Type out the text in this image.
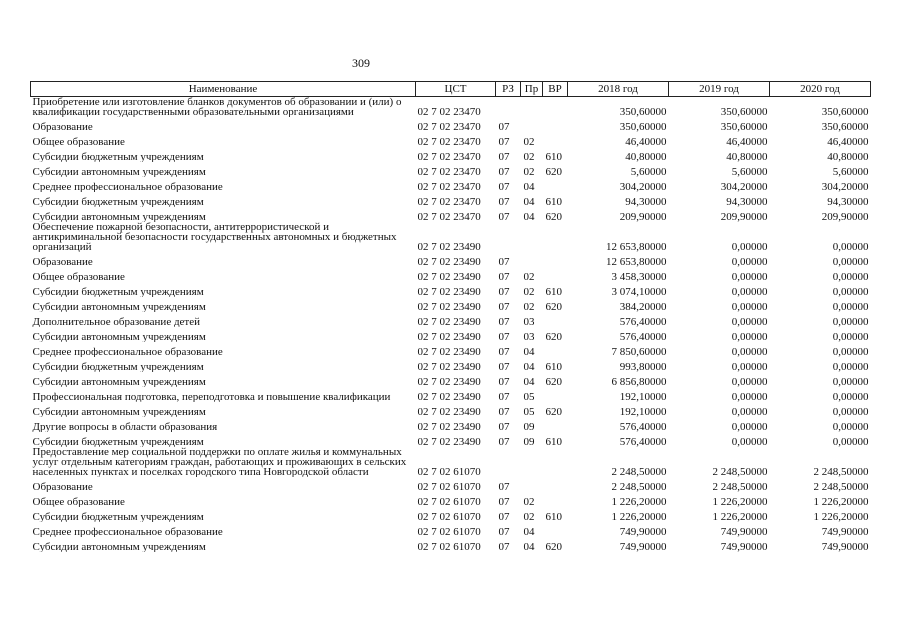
309
Наименование	ЦСТ	РЗ	Пр	ВР	2018 год	2019 год	2020 год
Приобретение или изготовление бланков документов об образовании и (или) о квалификации государственными образовательными организациями	02 7 02 23470				350,60000	350,60000	350,60000
Образование	02 7 02 23470	07			350,60000	350,60000	350,60000
Общее образование	02 7 02 23470	07	02		46,40000	46,40000	46,40000
Субсидии бюджетным учреждениям	02 7 02 23470	07	02	610	40,80000	40,80000	40,80000
Субсидии автономным учреждениям	02 7 02 23470	07	02	620	5,60000	5,60000	5,60000
Среднее профессиональное образование	02 7 02 23470	07	04		304,20000	304,20000	304,20000
Субсидии бюджетным учреждениям	02 7 02 23470	07	04	610	94,30000	94,30000	94,30000
Субсидии автономным учреждениям	02 7 02 23470	07	04	620	209,90000	209,90000	209,90000
Обеспечение пожарной безопасности, антитеррористической и антикриминальной безопасности государственных автономных и бюджетных организаций	02 7 02 23490				12 653,80000	0,00000	0,00000
Образование	02 7 02 23490	07			12 653,80000	0,00000	0,00000
Общее образование	02 7 02 23490	07	02		3 458,30000	0,00000	0,00000
Субсидии бюджетным учреждениям	02 7 02 23490	07	02	610	3 074,10000	0,00000	0,00000
Субсидии автономным учреждениям	02 7 02 23490	07	02	620	384,20000	0,00000	0,00000
Дополнительное образование детей	02 7 02 23490	07	03		576,40000	0,00000	0,00000
Субсидии автономным учреждениям	02 7 02 23490	07	03	620	576,40000	0,00000	0,00000
Среднее профессиональное образование	02 7 02 23490	07	04		7 850,60000	0,00000	0,00000
Субсидии бюджетным учреждениям	02 7 02 23490	07	04	610	993,80000	0,00000	0,00000
Субсидии автономным учреждениям	02 7 02 23490	07	04	620	6 856,80000	0,00000	0,00000
Профессиональная подготовка, переподготовка и повышение квалификации	02 7 02 23490	07	05		192,10000	0,00000	0,00000
Субсидии автономным учреждениям	02 7 02 23490	07	05	620	192,10000	0,00000	0,00000
Другие вопросы в области образования	02 7 02 23490	07	09		576,40000	0,00000	0,00000
Субсидии бюджетным учреждениям	02 7 02 23490	07	09	610	576,40000	0,00000	0,00000
Предоставление мер социальной поддержки по оплате жилья и коммунальных услуг отдельным категориям граждан, работающих и проживающих в сельских населенных пунктах и поселках городского типа Новгородской области	02 7 02 61070				2 248,50000	2 248,50000	2 248,50000
Образование	02 7 02 61070	07			2 248,50000	2 248,50000	2 248,50000
Общее образование	02 7 02 61070	07	02		1 226,20000	1 226,20000	1 226,20000
Субсидии бюджетным учреждениям	02 7 02 61070	07	02	610	1 226,20000	1 226,20000	1 226,20000
Среднее профессиональное образование	02 7 02 61070	07	04		749,90000	749,90000	749,90000
Субсидии автономным учреждениям	02 7 02 61070	07	04	620	749,90000	749,90000	749,90000
